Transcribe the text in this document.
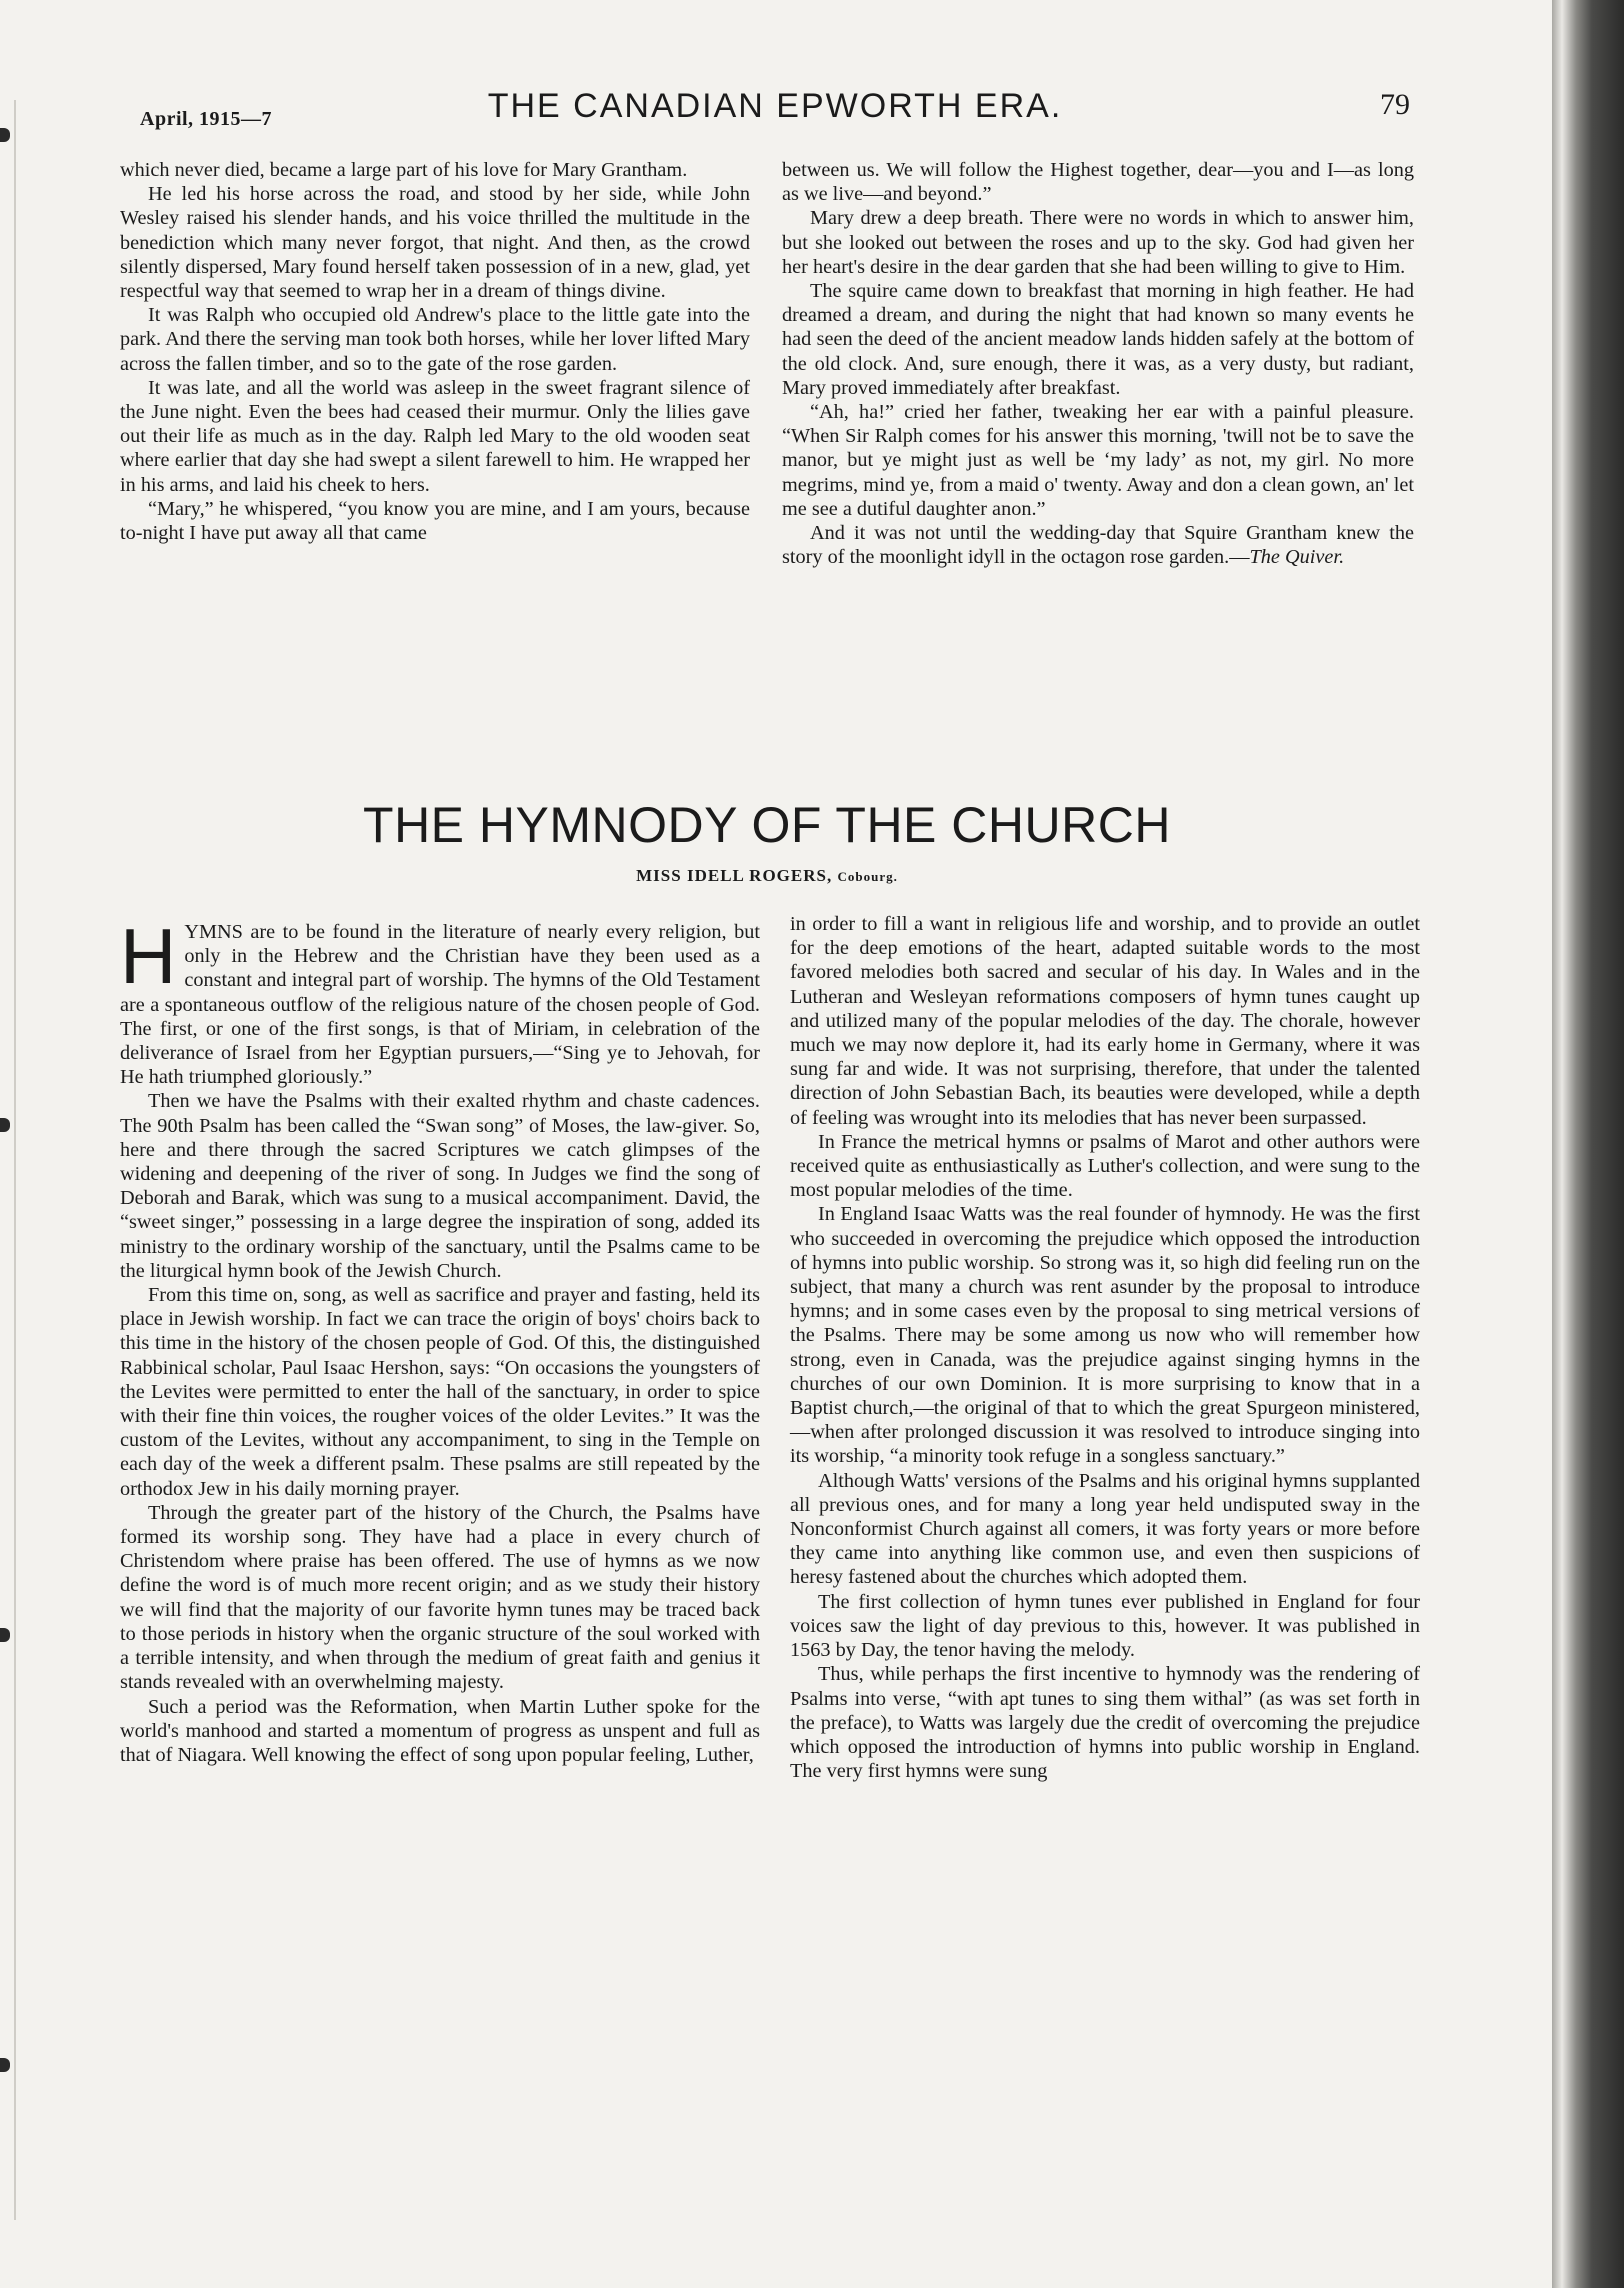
April, 1915—7	THE CANADIAN EPWORTH ERA.	79

which never died, became a large part of his love for Mary Grantham.

He led his horse across the road, and stood by her side, while John Wesley raised his slender hands, and his voice thrilled the multitude in the benediction which many never forgot, that night. And then, as the crowd silently dispersed, Mary found herself taken possession of in a new, glad, yet respectful way that seemed to wrap her in a dream of things divine.

It was Ralph who occupied old Andrew's place to the little gate into the park. And there the serving man took both horses, while her lover lifted Mary across the fallen timber, and so to the gate of the rose garden.

It was late, and all the world was asleep in the sweet fragrant silence of the June night. Even the bees had ceased their murmur. Only the lilies gave out their life as much as in the day. Ralph led Mary to the old wooden seat where earlier that day she had swept a silent farewell to him. He wrapped her in his arms, and laid his cheek to hers.

“Mary,” he whispered, “you know you are mine, and I am yours, because to-night I have put away all that came

between us. We will follow the Highest together, dear—you and I—as long as we live—and beyond.”

Mary drew a deep breath. There were no words in which to answer him, but she looked out between the roses and up to the sky. God had given her her heart's desire in the dear garden that she had been willing to give to Him.

The squire came down to breakfast that morning in high feather. He had dreamed a dream, and during the night that had known so many events he had seen the deed of the ancient meadow lands hidden safely at the bottom of the old clock. And, sure enough, there it was, as a very dusty, but radiant, Mary proved immediately after breakfast.

“Ah, ha!” cried her father, tweaking her ear with a painful pleasure. “When Sir Ralph comes for his answer this morning, 'twill not be to save the manor, but ye might just as well be ‘my lady’ as not, my girl. No more megrims, mind ye, from a maid o' twenty. Away and don a clean gown, an' let me see a dutiful daughter anon.”

And it was not until the wedding-day that Squire Grantham knew the story of the moonlight idyll in the octagon rose garden.—The Quiver.

THE HYMNODY OF THE CHURCH
MISS IDELL ROGERS, Cobourg.

HYMNS are to be found in the literature of nearly every religion, but only in the Hebrew and the Christian have they been used as a constant and integral part of worship. The hymns of the Old Testament are a spontaneous outflow of the religious nature of the chosen people of God. The first, or one of the first songs, is that of Miriam, in celebration of the deliverance of Israel from her Egyptian pursuers,—“Sing ye to Jehovah, for He hath triumphed gloriously.”

Then we have the Psalms with their exalted rhythm and chaste cadences. The 90th Psalm has been called the “Swan song” of Moses, the law-giver. So, here and there through the sacred Scriptures we catch glimpses of the widening and deepening of the river of song. In Judges we find the song of Deborah and Barak, which was sung to a musical accompaniment. David, the “sweet singer,” possessing in a large degree the inspiration of song, added its ministry to the ordinary worship of the sanctuary, until the Psalms came to be the liturgical hymn book of the Jewish Church.

From this time on, song, as well as sacrifice and prayer and fasting, held its place in Jewish worship. In fact we can trace the origin of boys' choirs back to this time in the history of the chosen people of God. Of this, the distinguished Rabbinical scholar, Paul Isaac Hershon, says: “On occasions the youngsters of the Levites were permitted to enter the hall of the sanctuary, in order to spice with their fine thin voices, the rougher voices of the older Levites.” It was the custom of the Levites, without any accompaniment, to sing in the Temple on each day of the week a different psalm. These psalms are still repeated by the orthodox Jew in his daily morning prayer.

Through the greater part of the history of the Church, the Psalms have formed its worship song. They have had a place in every church of Christendom where praise has been offered. The use of hymns as we now define the word is of much more recent origin; and as we study their history we will find that the majority of our favorite hymn tunes may be traced back to those periods in history when the organic structure of the soul worked with a terrible intensity, and when through the medium of great faith and genius it stands revealed with an overwhelming majesty.

Such a period was the Reformation, when Martin Luther spoke for the world's manhood and started a momentum of progress as unspent and full as that of Niagara. Well knowing the effect of song upon popular feeling, Luther,

in order to fill a want in religious life and worship, and to provide an outlet for the deep emotions of the heart, adapted suitable words to the most favored melodies both sacred and secular of his day. In Wales and in the Lutheran and Wesleyan reformations composers of hymn tunes caught up and utilized many of the popular melodies of the day. The chorale, however much we may now deplore it, had its early home in Germany, where it was sung far and wide. It was not surprising, therefore, that under the talented direction of John Sebastian Bach, its beauties were developed, while a depth of feeling was wrought into its melodies that has never been surpassed.

In France the metrical hymns or psalms of Marot and other authors were received quite as enthusiastically as Luther's collection, and were sung to the most popular melodies of the time.

In England Isaac Watts was the real founder of hymnody. He was the first who succeeded in overcoming the prejudice which opposed the introduction of hymns into public worship. So strong was it, so high did feeling run on the subject, that many a church was rent asunder by the proposal to introduce hymns; and in some cases even by the proposal to sing metrical versions of the Psalms. There may be some among us now who will remember how strong, even in Canada, was the prejudice against singing hymns in the churches of our own Dominion. It is more surprising to know that in a Baptist church,—the original of that to which the great Spurgeon ministered,—when after prolonged discussion it was resolved to introduce singing into its worship, “a minority took refuge in a songless sanctuary.”

Although Watts' versions of the Psalms and his original hymns supplanted all previous ones, and for many a long year held undisputed sway in the Nonconformist Church against all comers, it was forty years or more before they came into anything like common use, and even then suspicions of heresy fastened about the churches which adopted them.

The first collection of hymn tunes ever published in England for four voices saw the light of day previous to this, however. It was published in 1563 by Day, the tenor having the melody.

Thus, while perhaps the first incentive to hymnody was the rendering of Psalms into verse, “with apt tunes to sing them withal” (as was set forth in the preface), to Watts was largely due the credit of overcoming the prejudice which opposed the introduction of hymns into public worship in England. The very first hymns were sung
